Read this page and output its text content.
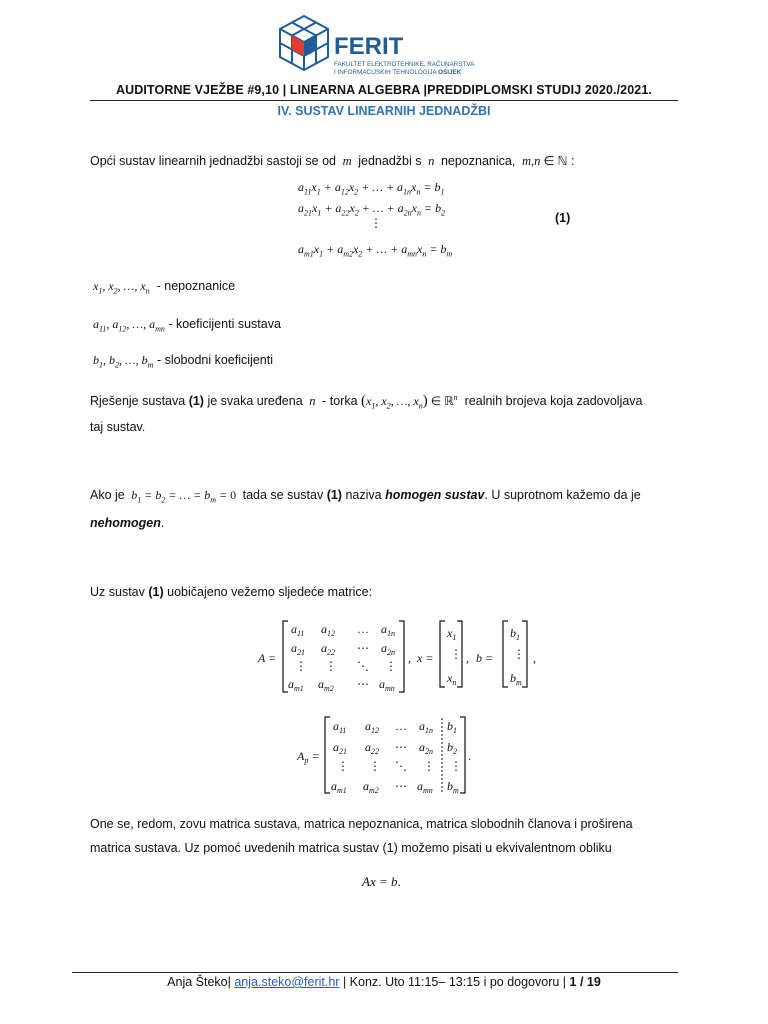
FERIT
FAKULTET ELEKTROTEHNIKE, RAČUNARSTVA
I INFORMACIJSKIH TEHNOLOGIJA OSIJEK
AUDITORNE VJEŽBE #9,10 | LINEARNA ALGEBRA |PREDDIPLOMSKI STUDIJ 2020./2021.
IV. SUSTAV LINEARNIH JEDNADŽBI
Opći sustav linearnih jednadžbi sastoji se od  m  jednadžbi s  n  nepoznanica,  m,n ∈ ℕ :
$a_{11}x_1 + a_{12}x_2$ + … + $a_{1n}x_n = b_1$
$a_{21}x_1 + a_{22}x_2$ + … + $a_{2n}x_n = b_2$
⋮
$a_{m1}x_1 + a_{m2}x_2$ + … + $a_{mn}x_n = b_m$
(1)
$x_1$, $x_2$, …, $x_n$ - nepoznanice
$a_{11}$, $a_{12}$, …, $a_{mn}$ - koeficijenti sustava
$b_1$, $b_2$, …, $b_m$ - slobodni koeficijenti
Rješenje sustava (1) je svaka uređena  n  - torka ($x_1$, $x_2$, …, $x_n$) ∈ ℝ$^n$ realnih brojeva koja zadovoljava
taj sustav.
Ako je  $b_1 = b_2$ = … = $b_m = 0$ tada se sustav (1) naziva homogen sustav. U suprotnom kažemo da je
nehomogen.
Uz sustav (1) uobičajeno vežemo sljedeće matrice:
A =
$a_{11}$ $a_{12}$ … $a_{1n}$
$a_{21}$ $a_{22}$ ⋯ $a_{2n}$
⋮ ⋮ ⋱ ⋮
$a_{m1}$ $a_{m2}$ ⋯ $a_{mn}$
, x =
$x_1$
⋮
$x_n$
, b =
$b_1$
⋮
$b_m$
,
$A_p$ =
$a_{11}$ $a_{12}$ … $a_{1n}$ $b_1$
$a_{21}$ $a_{22}$ ⋯ $a_{2n}$ $b_2$
⋮ ⋮ ⋱ ⋮ ⋮
$a_{m1}$ $a_{m2}$ ⋯ $a_{mn}$ $b_m$
.
One se, redom, zovu matrica sustava, matrica nepoznanica, matrica slobodnih članova i proširena
matrica sustava. Uz pomoć uvedenih matrica sustav (1) možemo pisati u ekvivalentnom obliku
Ax = b.
Anja Šteko| anja.steko@ferit.hr | Konz. Uto 11:15– 13:15 i po dogovoru | 1 / 19
